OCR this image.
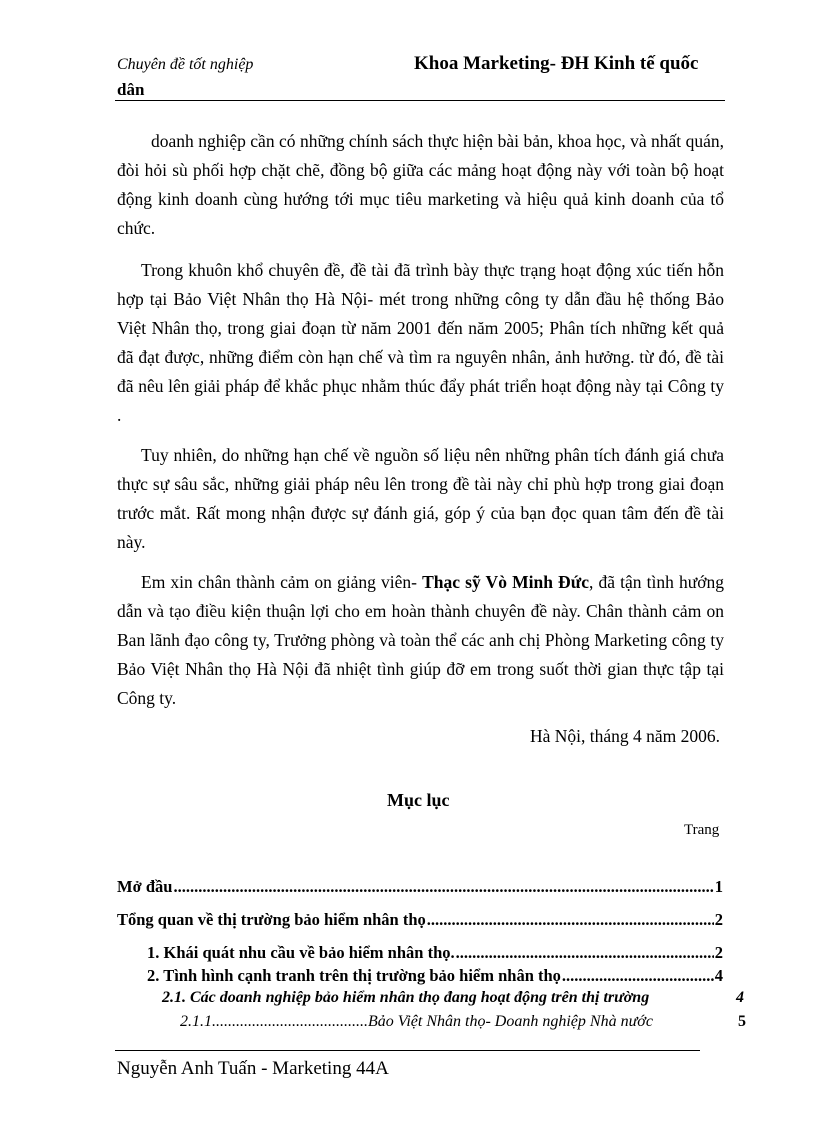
Chuyên đề tốt nghiệp	Khoa Marketing- ĐH Kinh tế quốc
dân

doanh nghiệp cần có những chính sách thực hiện bài bản, khoa học, và nhất quán, đòi hỏi sù phối hợp chặt chẽ, đồng bộ giữa các mảng hoạt động này với toàn bộ hoạt động kinh doanh cùng hướng tới mục tiêu marketing và hiệu quả kinh doanh của tổ chức.

Trong khuôn khổ chuyên đề, đề tài đã trình bày thực trạng hoạt động xúc tiến hỗn hợp tại Bảo Việt Nhân thọ Hà Nội- mét trong những công ty dẫn đầu hệ thống Bảo Việt Nhân thọ, trong giai đoạn từ năm 2001 đến năm 2005; Phân tích những kết quả đã đạt được, những điểm còn hạn chế và tìm ra nguyên nhân, ảnh hưởng. từ đó, đề tài đã nêu lên giải pháp để khắc phục nhằm thúc đẩy phát triển hoạt động này tại Công ty .

Tuy nhiên, do những hạn chế về nguồn số liệu nên những phân tích đánh giá chưa thực sự sâu sắc, những giải pháp nêu lên trong đề tài này chỉ phù hợp trong giai đoạn trước mắt. Rất mong nhận được sự đánh giá, góp ý của bạn đọc quan tâm đến đề tài này.

Em xin chân thành cảm on giảng viên- Thạc sỹ Vò Minh Đức, đã tận tình hướng dẫn và tạo điều kiện thuận lợi cho em hoàn thành chuyên đề này. Chân thành cảm on Ban lãnh đạo công ty, Trưởng phòng và toàn thể các anh chị Phòng Marketing công ty Bảo Việt Nhân thọ Hà Nội đã nhiệt tình giúp đỡ em trong suốt thời gian thực tập tại Công ty.

Hà Nội, tháng 4 năm 2006.
Mục lục
Trang
Mở đầu .....	1
Tổng quan về thị trường bảo hiểm nhân thọ .....	2
1. Khái quát nhu cầu về bảo hiểm nhân thọ. .....	2
2. Tình hình cạnh tranh trên thị trường bảo hiểm nhân thọ .....	4
2.1. Các doanh nghiệp bảo hiểm nhân thọ đang hoạt động trên thị trường	4
2.1.1. .....	Bảo Việt Nhân thọ- Doanh nghiệp Nhà nước	5
Nguyễn Anh Tuấn - Marketing 44A
